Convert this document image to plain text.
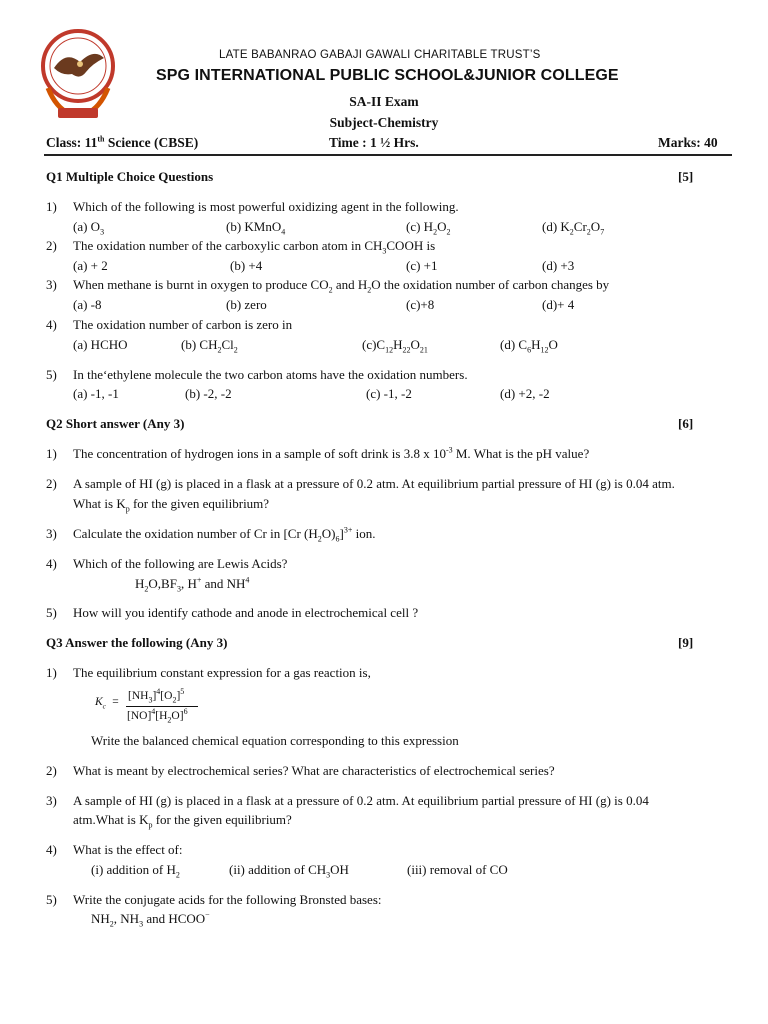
LATE BABANRAO GABAJI GAWALI CHARITABLE TRUST’S
SPG INTERNATIONAL PUBLIC SCHOOL&JUNIOR COLLEGE
SA-II Exam
Subject-Chemistry
Class: 11th Science (CBSE)	Time : 1 ½ Hrs.	Marks: 40
Q1 Multiple Choice Questions	[5]
1) Which of the following is most powerful oxidizing agent in the following.
(a) $O_3$	(b) KMnO$_4$	(c) $H_2O_2$	(d) $K_2Cr_2O_7$
2) The oxidation number of the carboxylic carbon atom in $CH_3COOH$ is
(a) + 2	(b) +4	(c) +1	(d) +3
3) When methane is burnt in oxygen to produce $CO_2$ and $H_2O$ the oxidation number of carbon changes by
(a) -8	(b) zero	(c)+8	(d)+ 4
4) The oxidation number of carbon is zero in
(a) HCHO	(b) $CH_2Cl_2$	$(c)C_{12}H_{22}O_{21}$	(d) $C_6H_{12}O$
5) In the‘ethylene molecule the two carbon atoms have the oxidation numbers.
(a) -1, -1	(b) -2, -2	(c) -1, -2	(d) +2, -2
Q2 Short answer (Any 3)	[6]
1) The concentration of hydrogen ions in a sample of soft drink is 3.8 x $10^{-3}$ M. What is the pH value?
2) A sample of HI (g) is placed in a flask at a pressure of 0.2 atm. At equilibrium partial pressure of HI (g) is 0.04 atm.
What is $K_p$ for the given equilibrium?
3) Calculate the oxidation number of Cr in [Cr $(H_2O)_6]^{3+}$ ion.
4) Which of the following are Lewis Acids?
$H_2O,BF_3$, H+ and $NH^4$
5) How will you identify cathode and anode in electrochemical cell ?
Q3 Answer the following (Any 3)	[9]
1) The equilibrium constant expression for a gas reaction is,
$K_c = [NH_3]^4[O_2]^5$
$[NO]^4[H_2O]^6$
Write the balanced chemical equation corresponding to this expression
2) What is meant by electrochemical series? What are characteristics of electrochemical series?
3) A sample of HI (g) is placed in a flask at a pressure of 0.2 atm. At equilibrium partial pressure of HI (g) is 0.04
atm.What is $K_p$ for the given equilibrium?
4) What is the effect of:
(i) addition of $H_2$	(ii) addition of $CH_3OH$	(iii) removal of CO
5) Write the conjugate acids for the following Bronsted bases:
$NH_2$, $NH_3$ and HCOO−
